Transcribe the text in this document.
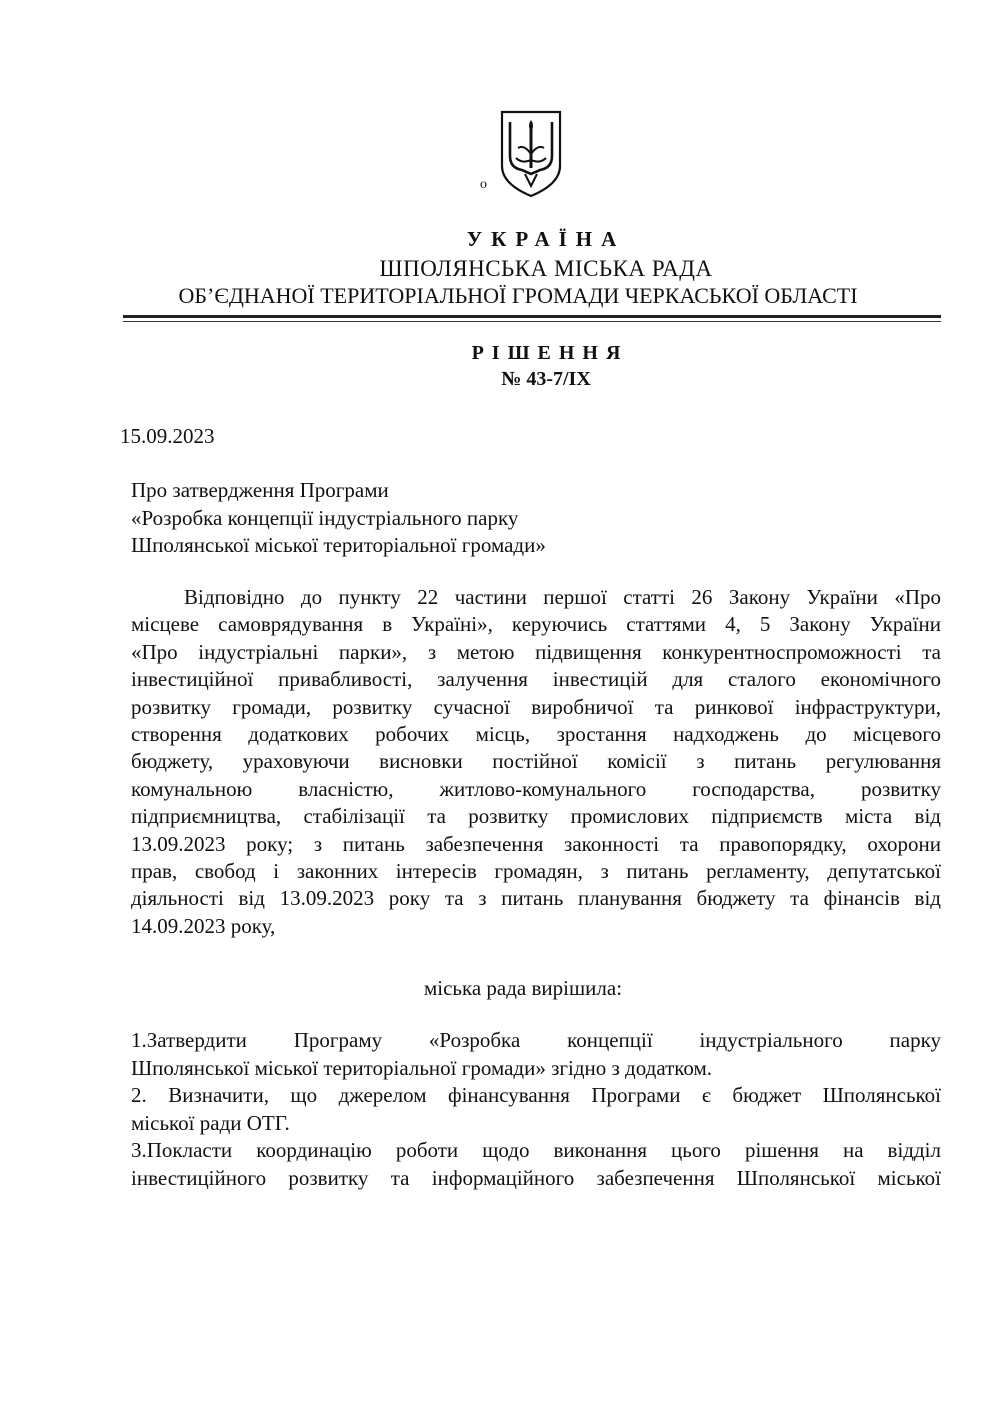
о
УКРАЇНА
ШПОЛЯНСЬКА МІСЬКА РАДА
ОБ’ЄДНАНОЇ ТЕРИТОРІАЛЬНОЇ ГРОМАДИ ЧЕРКАСЬКОЇ ОБЛАСТІ
РІШЕННЯ
№ 43-7/IX
15.09.2023
Про затвердження Програми
«Розробка концепції індустріального парку
Шполянської міської територіальної громади»
Відповідно до пункту 22 частини першої статті 26 Закону України «Про
місцеве самоврядування в Україні», керуючись статтями 4, 5 Закону України
«Про індустріальні парки», з метою підвищення конкурентноспроможності та
інвестиційної привабливості, залучення інвестицій для сталого економічного
розвитку громади, розвитку сучасної виробничої та ринкової інфраструктури,
створення додаткових робочих місць, зростання надходжень до місцевого
бюджету, ураховуючи висновки постійної комісії з питань регулювання
комунальною власністю, житлово-комунального господарства, розвитку
підприємництва, стабілізації та розвитку промислових підприємств міста від
13.09.2023 року; з питань забезпечення законності та правопорядку, охорони
прав, свобод і законних інтересів громадян, з питань регламенту, депутатської
діяльності від 13.09.2023 року та з питань планування бюджету та фінансів від
14.09.2023 року,
міська рада вирішила:
1.Затвердити Програму «Розробка концепції індустріального парку
Шполянської міської територіальної громади» згідно з додатком.
2. Визначити, що джерелом фінансування Програми є бюджет Шполянської
міської ради ОТГ.
3.Покласти координацію роботи щодо виконання цього рішення на відділ
інвестиційного розвитку та інформаційного забезпечення Шполянської міської
